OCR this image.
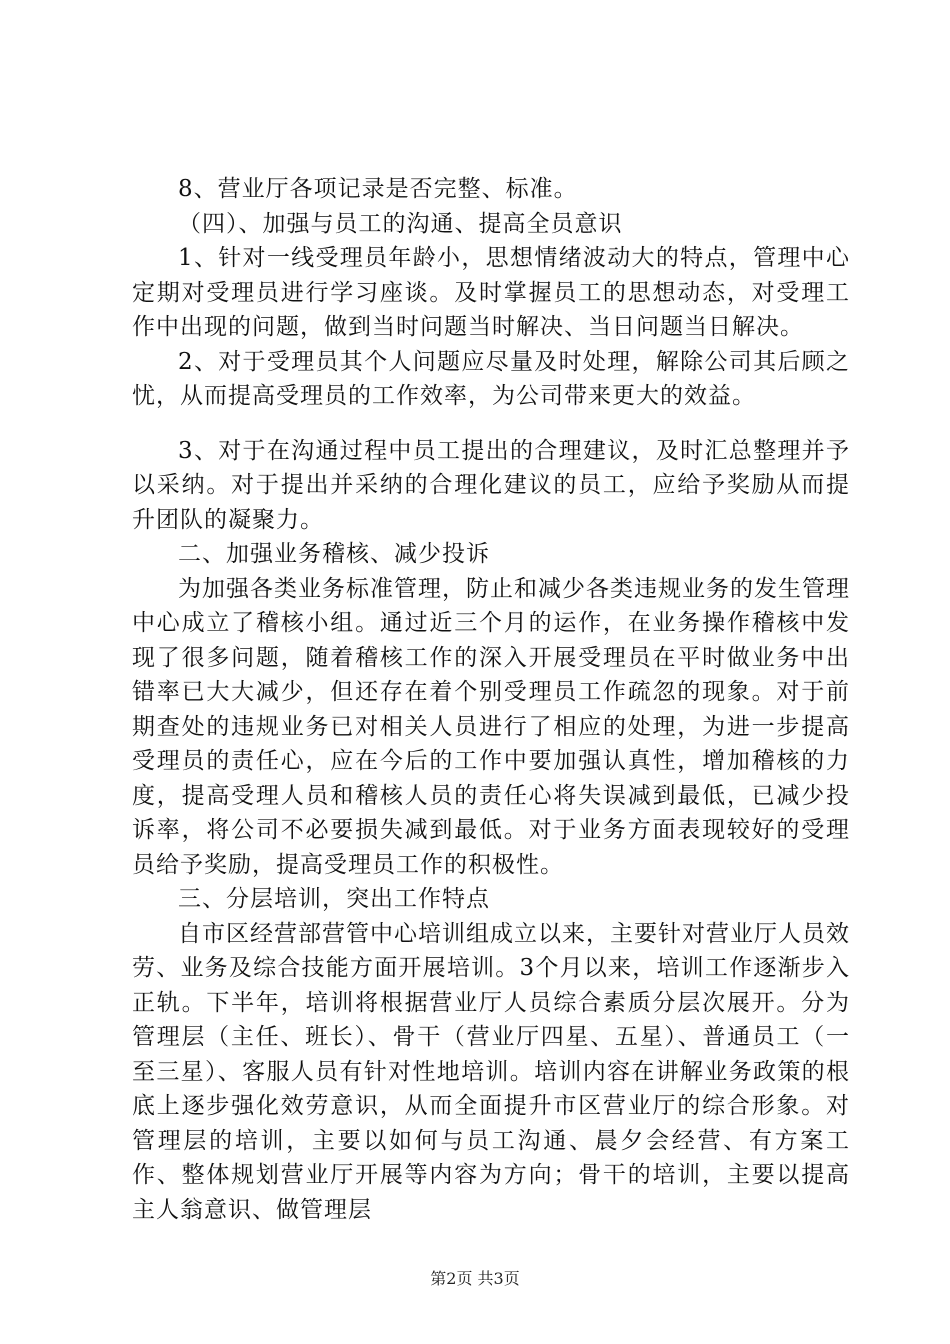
8、营业厅各项记录是否完整、标准。

（四）、加强与员工的沟通、提高全员意识

1、针对一线受理员年龄小，思想情绪波动大的特点，管理中心定期对受理员进行学习座谈。及时掌握员工的思想动态，对受理工作中出现的问题，做到当时问题当时解决、当日问题当日解决。

2、对于受理员其个人问题应尽量及时处理，解除公司其后顾之忧，从而提高受理员的工作效率，为公司带来更大的效益。

3、对于在沟通过程中员工提出的合理建议，及时汇总整理并予以采纳。对于提出并采纳的合理化建议的员工，应给予奖励从而提升团队的凝聚力。

二、加强业务稽核、减少投诉

为加强各类业务标准管理，防止和减少各类违规业务的发生管理中心成立了稽核小组。通过近三个月的运作，在业务操作稽核中发现了很多问题，随着稽核工作的深入开展受理员在平时做业务中出错率已大大减少，但还存在着个别受理员工作疏忽的现象。对于前期查处的违规业务已对相关人员进行了相应的处理，为进一步提高受理员的责任心，应在今后的工作中要加强认真性，增加稽核的力度，提高受理人员和稽核人员的责任心将失误减到最低，已减少投诉率，将公司不必要损失减到最低。对于业务方面表现较好的受理员给予奖励，提高受理员工作的积极性。

三、分层培训，突出工作特点

自市区经营部营管中心培训组成立以来，主要针对营业厅人员效劳、业务及综合技能方面开展培训。3个月以来，培训工作逐渐步入正轨。下半年，培训将根据营业厅人员综合素质分层次展开。分为管理层（主任、班长）、骨干（营业厅四星、五星）、普通员工（一至三星）、客服人员有针对性地培训。培训内容在讲解业务政策的根底上逐步强化效劳意识，从而全面提升市区营业厅的综合形象。对管理层的培训，主要以如何与员工沟通、晨夕会经营、有方案工作、整体规划营业厅开展等内容为方向；骨干的培训，主要以提高主人翁意识、做管理层

第2页 共3页
